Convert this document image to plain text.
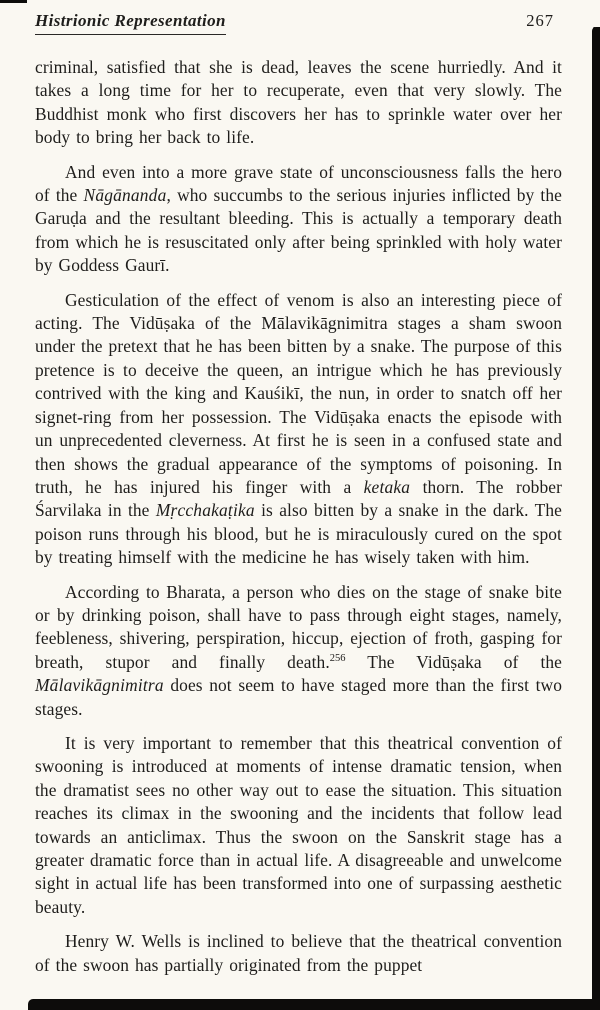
Histrionic Representation	267

criminal, satisfied that she is dead, leaves the scene hurriedly. And it takes a long time for her to recuperate, even that very slowly. The Buddhist monk who first discovers her has to sprinkle water over her body to bring her back to life.

And even into a more grave state of unconsciousness falls the hero of the Nāgānanda, who succumbs to the serious injuries inflicted by the Garuḍa and the resultant bleeding. This is actually a temporary death from which he is resuscitated only after being sprinkled with holy water by Goddess Gaurī.

Gesticulation of the effect of venom is also an interesting piece of acting. The Vidūṣaka of the Mālavikāgnimitra stages a sham swoon under the pretext that he has been bitten by a snake. The purpose of this pretence is to deceive the queen, an intrigue which he has previously contrived with the king and Kauśikī, the nun, in order to snatch off her signet-ring from her possession. The Vidūṣaka enacts the episode with un unprecedented cleverness. At first he is seen in a confused state and then shows the gradual appearance of the symptoms of poisoning. In truth, he has injured his finger with a ketaka thorn. The robber Śarvilaka in the Mṛcchakaṭika is also bitten by a snake in the dark. The poison runs through his blood, but he is miraculously cured on the spot by treating himself with the medicine he has wisely taken with him.

According to Bharata, a person who dies on the stage of snake bite or by drinking poison, shall have to pass through eight stages, namely, feebleness, shivering, perspiration, hiccup, ejection of froth, gasping for breath, stupor and finally death.$^{256}$ The Vidūṣaka of the Mālavikāgnimitra does not seem to have staged more than the first two stages.

It is very important to remember that this theatrical convention of swooning is introduced at moments of intense dramatic tension, when the dramatist sees no other way out to ease the situation. This situation reaches its climax in the swooning and the incidents that follow lead towards an anticlimax. Thus the swoon on the Sanskrit stage has a greater dramatic force than in actual life. A disagreeable and unwelcome sight in actual life has been transformed into one of surpassing aesthetic beauty.

Henry W. Wells is inclined to believe that the theatrical convention of the swoon has partially originated from the puppet
